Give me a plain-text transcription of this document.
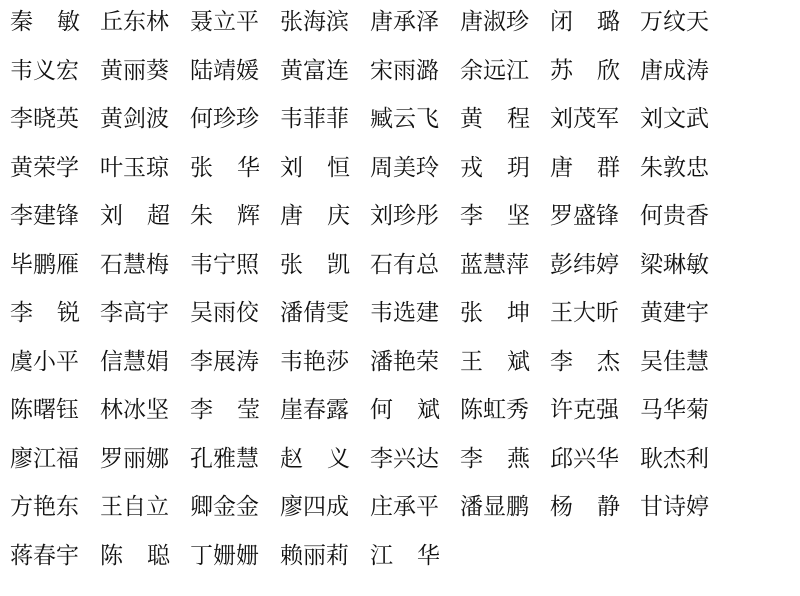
秦 敏 丘东林 聂立平 张海滨 唐承泽 唐淑珍 闭 璐 万纹天
韦义宏 黄丽葵 陆靖媛 黄富连 宋雨潞 余远江 苏 欣 唐成涛
李晓英 黄剑波 何珍珍 韦菲菲 臧云飞 黄 程 刘茂军 刘文武
黄荣学 叶玉琼 张 华 刘 恒 周美玲 戎 玥 唐 群 朱敦忠
李建锋 刘 超 朱 辉 唐 庆 刘珍彤 李 坚 罗盛锋 何贵香
毕鹏雁 石慧梅 韦宁照 张 凯 石有总 蓝慧萍 彭纬婷 梁琳敏
李 锐 李高宇 吴雨佼 潘倩雯 韦选建 张 坤 王大昕 黄建宇
虞小平 信慧娟 李展涛 韦艳莎 潘艳荣 王 斌 李 杰 吴佳慧
陈曙钰 林冰坚 李 莹 崖春露 何 斌 陈虹秀 许克强 马华菊
廖江福 罗丽娜 孔雅慧 赵 义 李兴达 李 燕 邱兴华 耿杰利
方艳东 王自立 卿金金 廖四成 庄承平 潘显鹏 杨 静 甘诗婷
蒋春宇 陈 聪 丁姗姗 赖丽莉 江 华
